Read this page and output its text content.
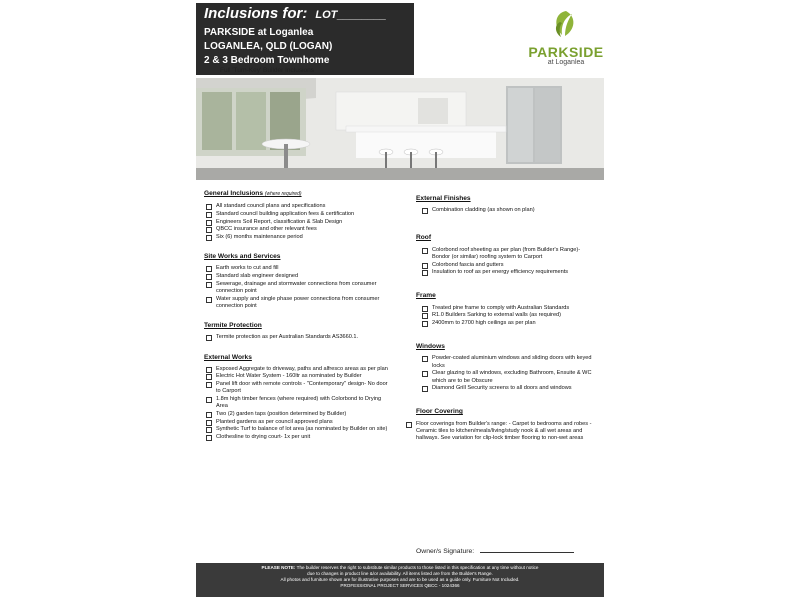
Inclusions for: LOT________
PARKSIDE at Loganlea
LOGANLEA, QLD (LOGAN)
2 & 3 Bedroom Townhome
Full 'Turn-Key' Builder Inclusions
PARKSIDE
at Loganlea
General Inclusions (where required)
All standard council plans and specifications
Standard council building application fees & certification
Engineers Soil Report, classification & Slab Design
QBCC insurance and other relevant fees
Six (6) months maintenance period
Site Works and Services
Earth works to cut and fill
Standard slab engineer designed
Sewerage, drainage and stormwater connections from consumer connection point
Water supply and single phase power connections from consumer connection point
Termite Protection
Termite protection as per Australian Standards AS3660.1.
External Works
Exposed Aggregate to driveway, paths and alfresco areas as per plan
Electric Hot Water System - 160ltr as nominated by Builder
Panel lift door with remote controls - "Contemporary" design- No door to Carport
1.8m high timber fences (where required) with Colorbond to Drying Area
Two (2) garden taps (position determined by Builder)
Planted gardens as per council approved plans
Synthetic Turf to balance of lot area (as nominated by Builder on site)
Clothesline to drying court- 1x per unit
External Finishes
Combination cladding (as shown on plan)
Roof
Colorbond roof sheeting as per plan (from Builder's Range)- Bondor (or similar) roofing system to Carport
Colorbond fascia and gutters
Insulation to roof as per energy efficiency requirements
Frame
Treated pine frame to comply with Australian Standards
R1.0 Builders Sarking to external walls (as required)
2400mm to 2700 high ceilings as per plan
Windows
Powder-coated aluminium windows and sliding doors with keyed locks
Clear glazing to all windows, excluding Bathroom, Ensuite & WC which are to be Obscure
Diamond Grill Security screens to all doors and windows
Floor Covering
Floor coverings from Builder's range: - Carpet to bedrooms and robes - Ceramic tiles to kitchen/meals/living/study nook & all wet areas and hallways. See variation for clip-lock timber flooring to non-wet areas
Owner/s Signature:
PLEASE NOTE: The builder reserves the right to substitute similar products to those listed in this specification at any time without notice
due to changes in product line &/or availability. All items listed are from the Builder's Range.
All photos and furniture shown are for illustrative purposes and are to be used as a guide only. Furniture Not Included.
PROFESSIONAL PROJECT SERVICES QBCC - 1024366
